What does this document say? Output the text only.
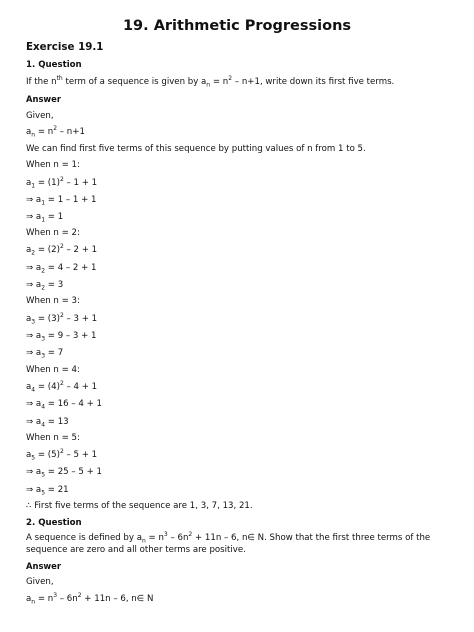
19. Arithmetic Progressions
Exercise 19.1
1. Question
If the $n^{th}$ term of a sequence is given by $a_n = n^2 - n+1$, write down its first five terms.
Answer
Given,
$a_n = n^2 - n+1$
We can find first five terms of this sequence by putting values of n from 1 to 5.
When n = 1:
$a_1 = (1)^2 - 1 + 1$
⇒ $a_1 = 1 - 1 + 1$
⇒ $a_1 = 1$
When n = 2:
$a_2 = (2)^2 - 2 + 1$
⇒ $a_2 = 4 - 2 + 1$
⇒ $a_2 = 3$
When n = 3:
$a_3 = (3)^2 - 3 + 1$
⇒ $a_3 = 9 - 3 + 1$
⇒ $a_3 = 7$
When n = 4:
$a_4 = (4)^2 - 4 + 1$
⇒ $a_4 = 16 - 4 + 1$
⇒ $a_4 = 13$
When n = 5:
$a_5 = (5)^2 - 5 + 1$
⇒ $a_5 = 25 - 5 + 1$
⇒ $a_5 = 21$
∴ First five terms of the sequence are 1, 3, 7, 13, 21.
2. Question
A sequence is defined by $a_n = n^3 - 6n^2 + 11n - 6$, n∈ N. Show that the first three terms of the sequence are zero and all other terms are positive.
Answer
Given,
$a_n = n^3 - 6n^2 + 11n - 6$, n∈ N
